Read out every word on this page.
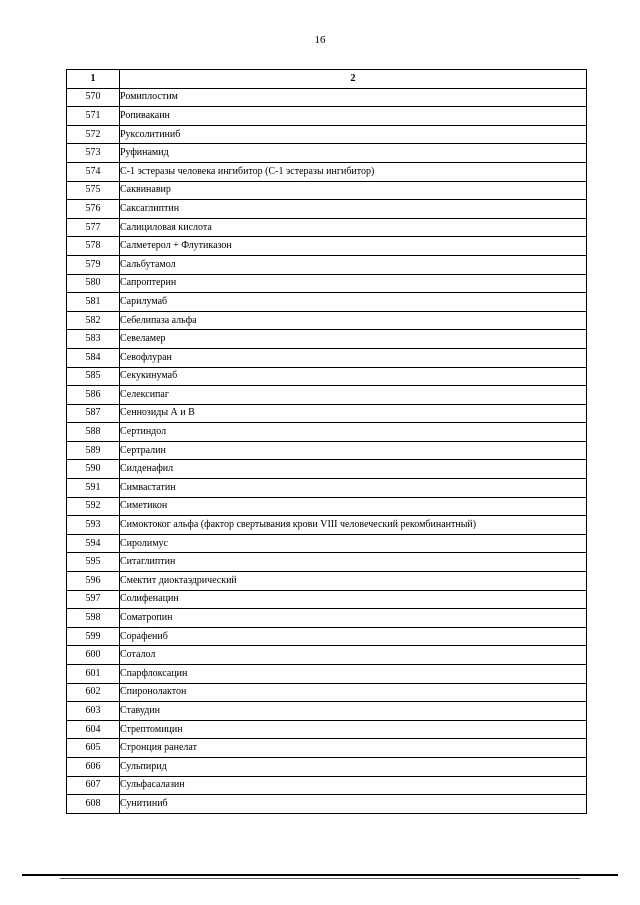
16
1	2
570	Ромиплостим
571	Ропивакаин
572	Руксолитиниб
573	Руфинамид
574	С-1 эстеразы человека ингибитор (С-1 эстеразы ингибитор)
575	Саквинавир
576	Саксаглиптин
577	Салициловая кислота
578	Салметерол + Флутиказон
579	Сальбутамол
580	Сапроптерин
581	Сарилумаб
582	Себелипаза альфа
583	Севеламер
584	Севофлуран
585	Секукинумаб
586	Селексипаг
587	Сеннозиды А и В
588	Сертиндол
589	Сертралин
590	Силденафил
591	Симвастатин
592	Симетикон
593	Симоктоког альфа (фактор свертывания крови VIII человеческий рекомбинантный)
594	Сиролимус
595	Ситаглиптин
596	Смектит диоктаэдрический
597	Солифенацин
598	Соматропин
599	Сорафениб
600	Соталол
601	Спарфлоксацин
602	Спиронолактон
603	Ставудин
604	Стрептомицин
605	Стронция ранелат
606	Сульпирид
607	Сульфасалазин
608	Сунитиниб
